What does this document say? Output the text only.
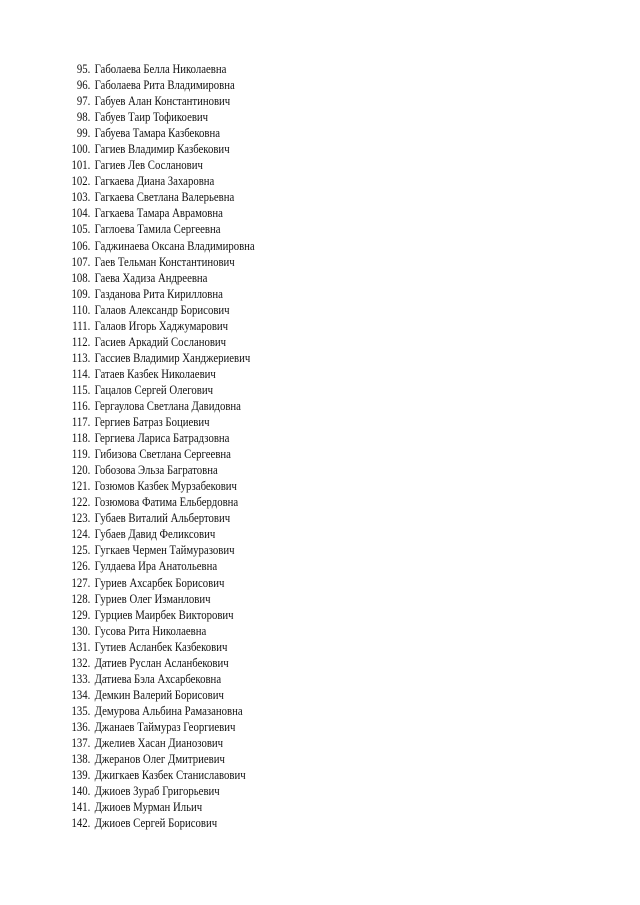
95. Габолаева Белла Николаевна
96. Габолаева Рита Владимировна
97. Габуев Алан Константинович
98. Габуев Таир Тофикоевич
99. Габуева Тамара Казбековна
100. Гагиев Владимир Казбекович
101. Гагиев Лев Сосланович
102. Гагкаева Диана Захаровна
103. Гагкаева Светлана Валерьевна
104. Гагкаева Тамара Аврамовна
105. Гаглоева Тамила Сергеевна
106. Гаджинаева Оксана Владимировна
107. Гаев Тельман Константинович
108. Гаева Хадиза Андреевна
109. Газданова Рита Кирилловна
110. Галаов Александр Борисович
111. Галаов Игорь Хаджумарович
112. Гасиев Аркадий Сосланович
113. Гассиев Владимир Ханджериевич
114. Гатаев Казбек Николаевич
115. Гацалов Сергей Олегович
116. Гергаулова Светлана Давидовна
117. Гергиев Батраз Боциевич
118. Гергиева Лариса Батрадзовна
119. Гибизова Светлана Сергеевна
120. Гобозова Эльза Багратовна
121. Гозюмов Казбек Мурзабекович
122. Гозюмова Фатима Ельбердовна
123. Губаев Виталий Альбертович
124. Губаев Давид Феликсович
125. Гугкаев Чермен Таймуразович
126. Гулдаева Ира Анатольевна
127. Гуриев Ахсарбек Борисович
128. Гуриев Олег Изманлович
129. Гурциев Маирбек Викторович
130. Гусова Рита Николаевна
131. Гутиев Асланбек Казбекович
132. Датиев Руслан Асланбекович
133. Датиева Бэла Ахсарбековна
134. Демкин Валерий Борисович
135. Демурова Альбина Рамазановна
136. Джанаев Таймураз Георгиевич
137. Джелиев Хасан Дианозович
138. Джеранов Олег Дмитриевич
139. Джигкаев Казбек Станиславович
140. Джиоев Зураб Григорьевич
141. Джиоев Мурман Ильич
142. Джиоев Сергей Борисович
